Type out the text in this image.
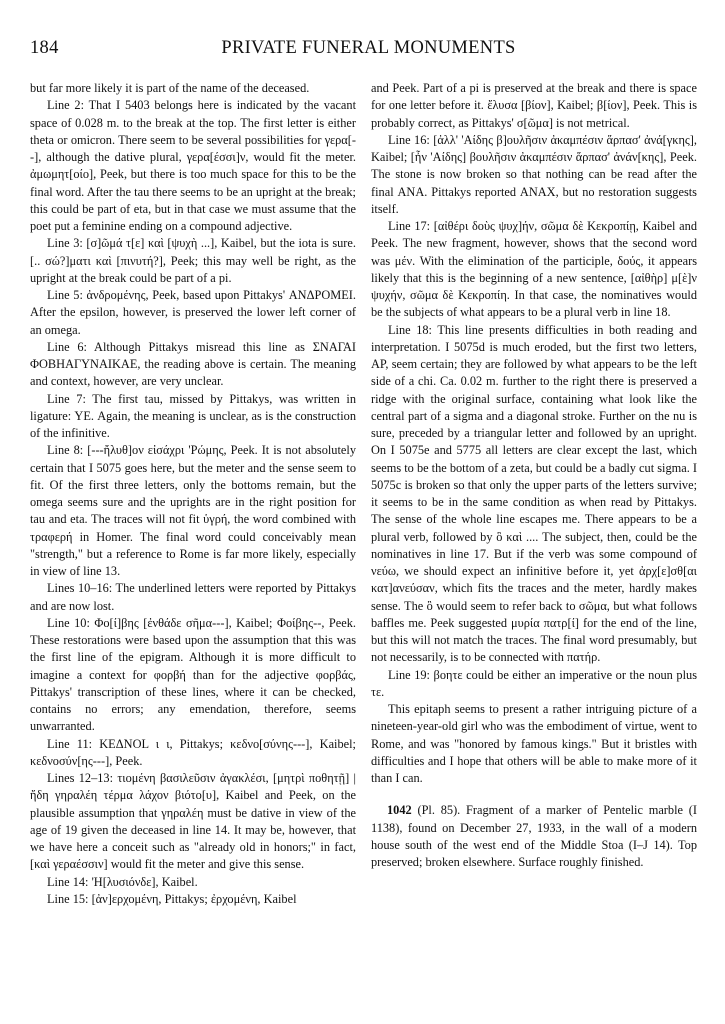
184	PRIVATE FUNERAL MONUMENTS

but far more likely it is part of the name of the deceased.

Line 2: That I 5403 belongs here is indicated by the vacant space of 0.028 m. to the break at the top. The first letter is either theta or omicron. There seem to be several possibilities for γερα[--], although the dative plural, γερα[έσσι]ν, would fit the meter. ἀμωμητ[οίο], Peek, but there is too much space for this to be the final word. After the tau there seems to be an upright at the break; this could be part of eta, but in that case we must assume that the poet put a feminine ending on a compound adjective.

Line 3: [σ]ῶμά τ[ε] καὶ [ψυχὴ ...], Kaibel, but the iota is sure. [.. σώ?]ματι καὶ [πινυτή?], Peek; this may well be right, as the upright at the break could be part of a pi.

Line 5: ἀνδρομένης, Peek, based upon Pittakys' ΑΝΔΡΟΜΕΙ. After the epsilon, however, is preserved the lower left corner of an omega.

Line 6: Although Pittakys misread this line as ΣΝΑΓΑΙ ΦΟΒΗΑΓΥΝΑΙΚΑΕ, the reading above is certain. The meaning and context, however, are very unclear.

Line 7: The first tau, missed by Pittakys, was written in ligature: ΥΕ. Again, the meaning is unclear, as is the construction of the infinitive.

Line 8: [---ἤλυθ]ον εἰσάχρι 'Ρώμης, Peek. It is not absolutely certain that I 5075 goes here, but the meter and the sense seem to fit. Of the first three letters, only the bottoms remain, but the omega seems sure and the uprights are in the right position for tau and eta. The traces will not fit ὑγρή, the word combined with τραφερή in Homer. The final word could conceivably mean "strength," but a reference to Rome is far more likely, especially in view of line 13.

Lines 10–16: The underlined letters were reported by Pittakys and are now lost.

Line 10: Φο[ί]βης [ἐνθάδε σῆμα---], Kaibel; Φοίβης--, Peek. These restorations were based upon the assumption that this was the first line of the epigram. Although it is more difficult to imagine a context for φορβή than for the adjective φορβάς, Pittakys' transcription of these lines, where it can be checked, contains no errors; any emendation, therefore, seems unwarranted.

Line 11: ΚΕΔΝΟL ι ι, Pittakys; κεδνο[σύνης---], Kaibel; κεδνοσύν[ης---], Peek.

Lines 12–13: τιομένη βασιλεῦσιν ἀγακλέσι, [μητρὶ ποθητῇ] | ἤδη γηραλέη τέρμα λάχον βιότο[υ], Kaibel and Peek, on the plausible assumption that γηραλέη must be dative in view of the age of 19 given the deceased in line 14. It may be, however, that we have here a conceit such as "already old in honors;" in fact, [καὶ γεραέσσιν] would fit the meter and give this sense.

Line 14: 'Η[λυσιόνδε], Kaibel.

Line 15: [ἀν]ερχομένη, Pittakys; ἐρχομένη, Kaibel

and Peek. Part of a pi is preserved at the break and there is space for one letter before it. ἔλυσα [βίον], Kaibel; β[ίον], Peek. This is probably correct, as Pittakys' σ[ῶμα] is not metrical.

Line 16: [ἀλλ' 'Αίδης β]ουλῆσιν ἀκαμπέσιν ἅρπασ' ἀνά[γκης], Kaibel; [ἦν 'Αίδης] βουλῆσιν ἀκαμπέσιν ἅρπασ' ἀνάν[κης], Peek. The stone is now broken so that nothing can be read after the final ΑΝΑ. Pittakys reported ΑΝΑΧ, but no restoration suggests itself.

Line 17: [αἰθέρι δοὺς ψυχ]ήν, σῶμα δὲ Κεκροπίῃ, Kaibel and Peek. The new fragment, however, shows that the second word was μέν. With the elimination of the participle, δούς, it appears likely that this is the beginning of a new sentence, [αἰθὴρ] μ[ὲ]ν ψυχήν, σῶμα δὲ Κεκροπίη. In that case, the nominatives would be the subjects of what appears to be a plural verb in line 18.

Line 18: This line presents difficulties in both reading and interpretation. I 5075d is much eroded, but the first two letters, AP, seem certain; they are followed by what appears to be the left side of a chi. Ca. 0.02 m. further to the right there is preserved a ridge with the original surface, containing what look like the central part of a sigma and a diagonal stroke. Further on the nu is sure, preceded by a triangular letter and followed by an upright. On I 5075e and 5775 all letters are clear except the last, which seems to be the bottom of a zeta, but could be a badly cut sigma. I 5075c is broken so that only the upper parts of the letters survive; it seems to be in the same condition as when read by Pittakys. The sense of the whole line escapes me. There appears to be a plural verb, followed by ὃ καὶ .... The subject, then, could be the nominatives in line 17. But if the verb was some compound of νεύω, we should expect an infinitive before it, yet ἀρχ[ε]σθ[αι κατ]ανεύσαν, which fits the traces and the meter, hardly makes sense. The ὃ would seem to refer back to σῶμα, but what follows baffles me. Peek suggested μυρία πατρ[ί] for the end of the line, but this will not match the traces. The final word presumably, but not necessarily, is to be connected with πατήρ.

Line 19: βοητε could be either an imperative or the noun plus τε.

This epitaph seems to present a rather intriguing picture of a nineteen-year-old girl who was the embodiment of virtue, went to Rome, and was "honored by famous kings." But it bristles with difficulties and I hope that others will be able to make more of it than I can.

1042 (Pl. 85). Fragment of a marker of Pentelic marble (I 1138), found on December 27, 1933, in the wall of a modern house south of the west end of the Middle Stoa (I–J 14). Top preserved; broken elsewhere. Surface roughly finished.
